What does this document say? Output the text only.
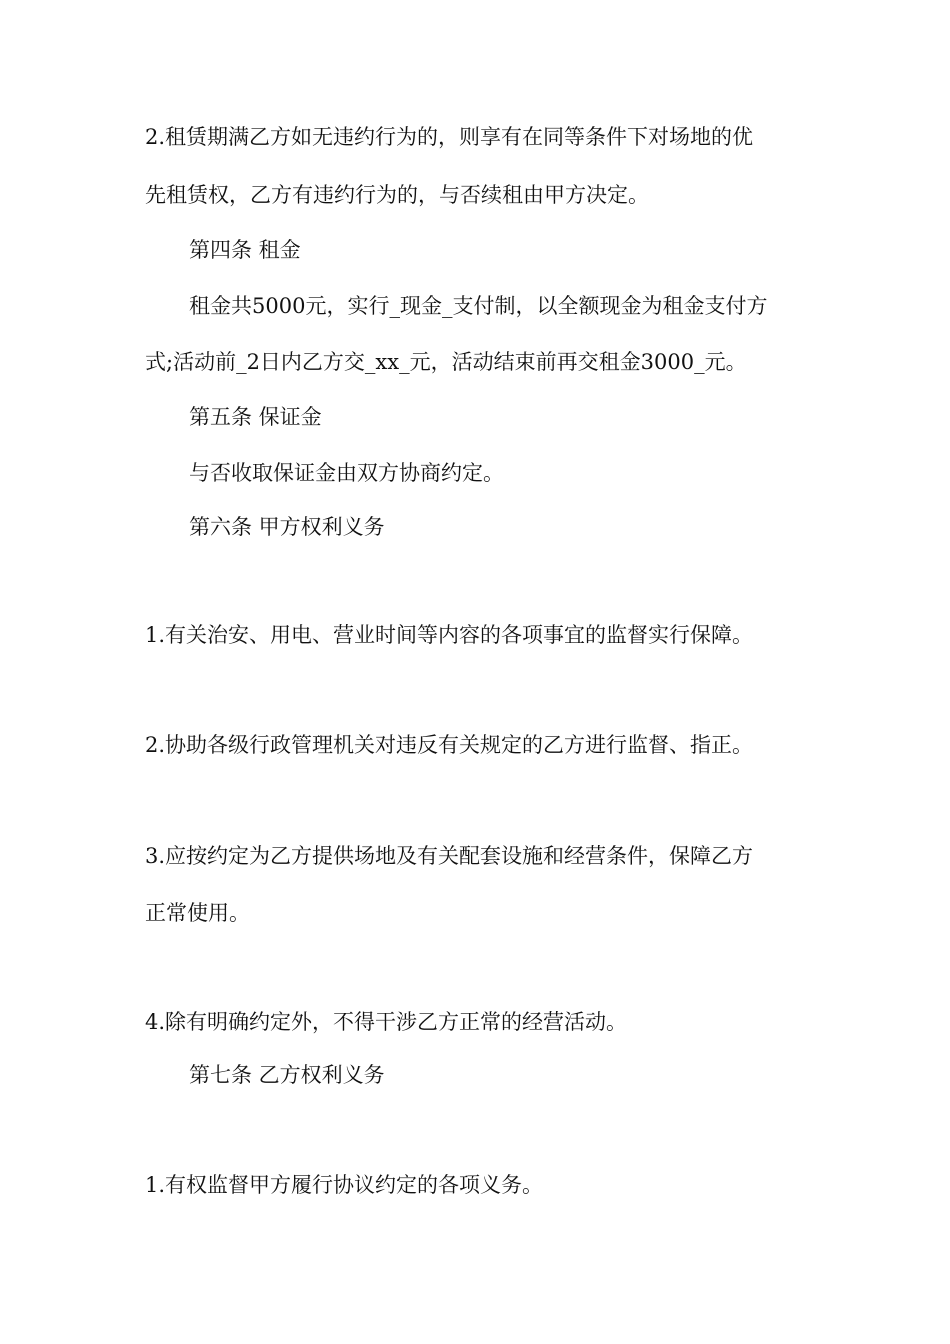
2.租赁期满乙方如无违约行为的，则享有在同等条件下对场地的优
先租赁权，乙方有违约行为的，与否续租由甲方决定。
第四条 租金
租金共5000元，实行_现金_支付制，以全额现金为租金支付方
式;活动前_2日内乙方交_xx_元，活动结束前再交租金3000_元。
第五条 保证金
与否收取保证金由双方协商约定。
第六条 甲方权利义务
1.有关治安、用电、营业时间等内容的各项事宜的监督实行保障。
2.协助各级行政管理机关对违反有关规定的乙方进行监督、指正。
3.应按约定为乙方提供场地及有关配套设施和经营条件，保障乙方
正常使用。
4.除有明确约定外，不得干涉乙方正常的经营活动。
第七条 乙方权利义务
1.有权监督甲方履行协议约定的各项义务。
